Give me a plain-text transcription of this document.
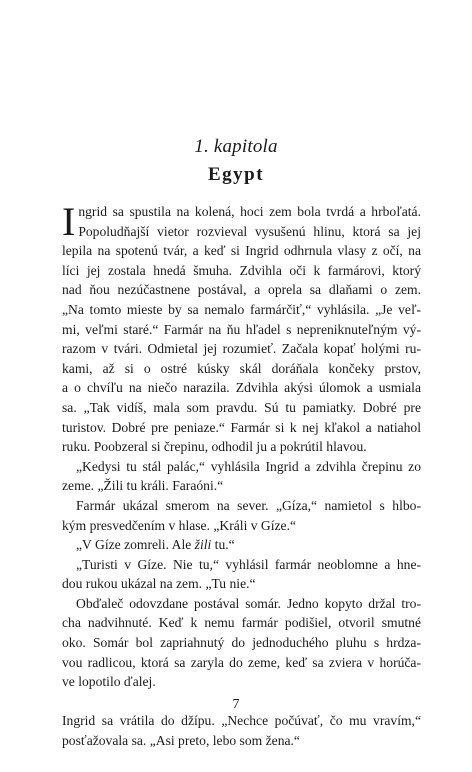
1. kapitola
Egypt
I ngrid sa spustila na kolená, hoci zem bola tvrdá a hrboľatá.
Popoludňajší vietor rozvieval vysušenú hlinu, ktorá sa jej
lepila na spotenú tvár, a keď si Ingrid odhrnula vlasy z očí, na
líci jej zostala hnedá šmuha. Zdvihla oči k farmárovi, ktorý
nad ňou nezúčastnene postával, a oprela sa dlaňami o zem.
„Na tomto mieste by sa nemalo farmárčiť,“ vyhlásila. „Je veľ-
mi, veľmi staré.“ Farmár na ňu hľadel s nepreniknuteľným vý-
razom v tvári. Odmietal jej rozumieť. Začala kopať holými ru-
kami, až si o ostré kúsky skál doráňala končeky prstov,
a o chvíľu na niečo narazila. Zdvihla akýsi úlomok a usmiala
sa. „Tak vidíš, mala som pravdu. Sú tu pamiatky. Dobré pre
turistov. Dobré pre peniaze.“ Farmár si k nej kľakol a natiahol
ruku. Poobzeral si črepinu, odhodil ju a pokrútil hlavou.
„Kedysi tu stál palác,“ vyhlásila Ingrid a zdvihla črepinu zo
zeme. „Žili tu králi. Faraóni.“
Farmár ukázal smerom na sever. „Gíza,“ namietol s hlbo-
kým presvedčením v hlase. „Králi v Gíze.“
„V Gíze zomreli. Ale žili tu.“
„Turisti v Gíze. Nie tu,“ vyhlásil farmár neoblomne a hne-
dou rukou ukázal na zem. „Tu nie.“
Obďaleč odovzdane postával somár. Jedno kopyto držal tro-
cha nadvihnuté. Keď k nemu farmár podišiel, otvoril smutné
oko. Somár bol zapriahnutý do jednoduchého pluhu s hrdza-
vou radlicou, ktorá sa zaryla do zeme, keď sa zviera v horúča-
ve lopotilo ďalej.
Ingrid sa vrátila do džípu. „Nechce počúvať, čo mu vravím,“
posťažovala sa. „Asi preto, lebo som žena.“
7
